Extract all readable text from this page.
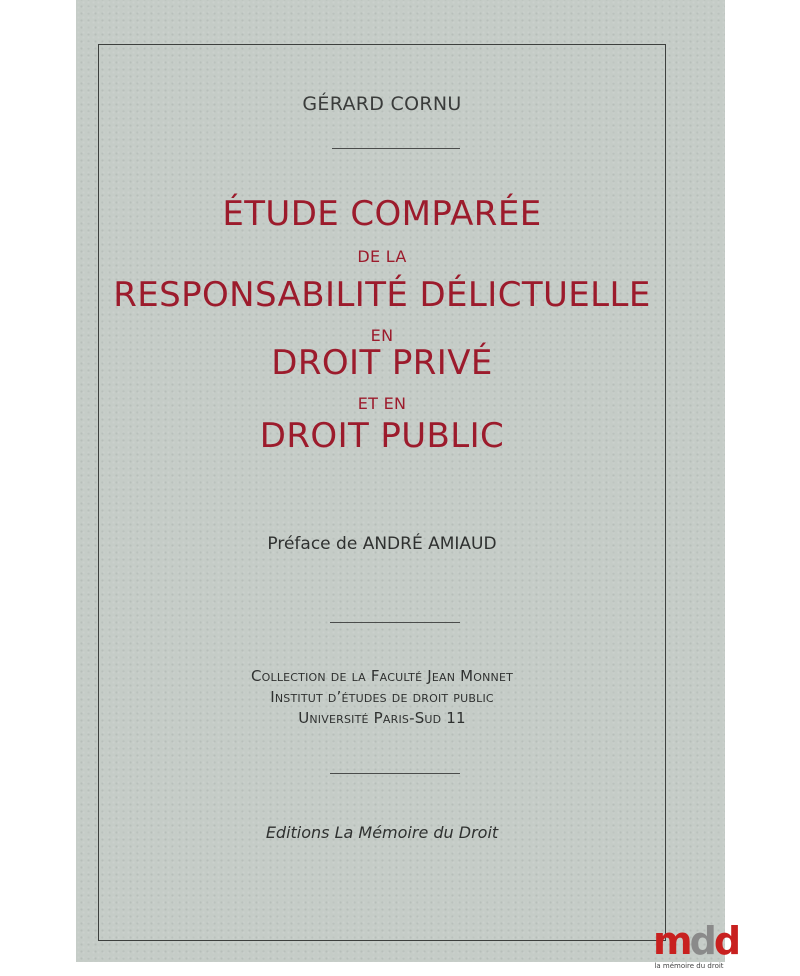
GÉRARD CORNU
ÉTUDE COMPARÉE
DE LA
RESPONSABILITÉ DÉLICTUELLE
EN
DROIT PRIVÉ
ET EN
DROIT PUBLIC
Préface de ANDRÉ AMIAUD
Collection de la Faculté Jean Monnet
Institut d’études de droit public
Université Paris-Sud 11
Editions La Mémoire du Droit
mdd
la mémoire du droit
